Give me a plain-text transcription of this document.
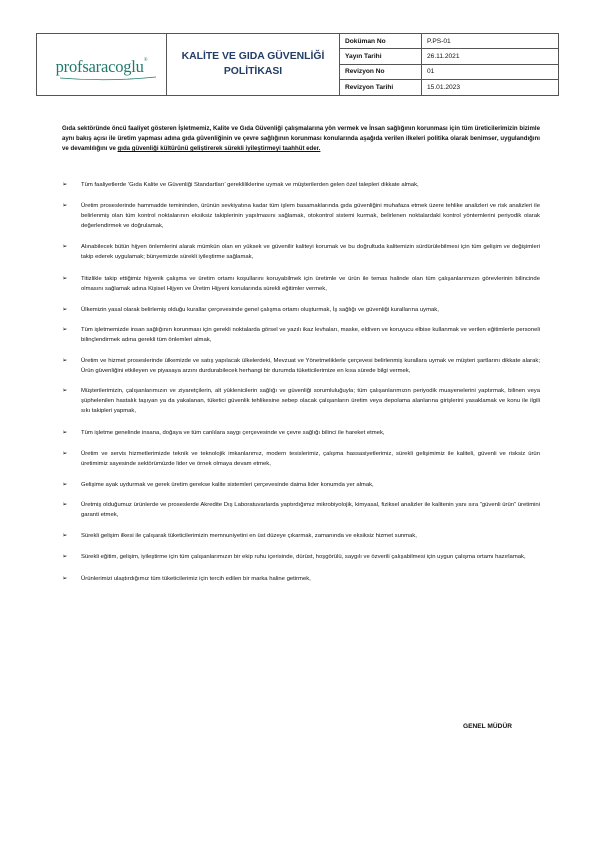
profsaracoglu®	KALİTE VE GIDA GÜVENLİĞİ
POLİTİKASI	Doküman No	P.PS-01
		Yayın Tarihi	26.11.2021
		Revizyon No	01
		Revizyon Tarihi	15.01.2023

Gıda sektöründe öncü faaliyet gösteren İşletmemiz, Kalite ve Gıda Güvenliği çalışmalarına yön vermek ve İnsan sağlığının korunması için tüm üreticilerimizin bizimle aynı bakış açısı ile üretim yapması adına gıda güvenliğinin ve çevre sağlığının korunması konularında aşağıda verilen ilkeleri politika olarak benimser, uygulandığını ve devamlılığını ve gıda güvenliği kültürünü geliştirerek sürekli iyileştirmeyi taahhüt eder.

➢ Tüm faaliyetlerde ‘Gıda Kalite ve Güvenliği Standartları’ gerekliliklerine uymak ve müşterilerden gelen özel talepleri dikkate almak,
➢ Üretim proseslerinde hammadde temininden, ürünün sevkiyatına kadar tüm işlem basamaklarında gıda güvenliğini muhafaza etmek üzere tehlike analizleri ve risk analizleri ile belirlenmiş olan tüm kontrol noktalarının eksiksiz takiplerinin yapılmasını sağlamak, otokontrol sistemi kurmak, belirlenen noktalardaki kontrol yöntemlerini periyodik olarak değerlendirmek ve doğrulamak,
➢ Alınabilecek bütün hijyen önlemlerini alarak mümkün olan en yüksek ve güvenilir kaliteyi korumak ve bu doğrultuda kalitemizin sürdürülebilmesi için tüm gelişim ve değişimleri takip ederek uygulamak; bünyemizde sürekli iyileştirme sağlamak,
➢ Titizlikle takip ettiğimiz hijyenik çalışma ve üretim ortamı koşullarını koruyabilmek için üretimle ve ürün ile temas halinde olan tüm çalışanlarımızın görevlerinin bilincinde olmasını sağlamak adına Kişisel Hijyen ve Üretim Hijyeni konularında sürekli eğitimler vermek,
➢ Ülkemizin yasal olarak belirlemiş olduğu kurallar çerçevesinde genel çalışma ortamı oluşturmak, İş sağlığı ve güvenliği kurallarına uymak,
➢ Tüm işletmemizde insan sağlığının korunması için gerekli noktalarda görsel ve yazılı ikaz levhaları, maske, eldiven ve koruyucu elbise kullanmak ve verilen eğitimlerle personeli bilinçlendirmek adına gerekli tüm önlemleri almak,
➢ Üretim ve hizmet proseslerinde ülkemizde ve satış yapılacak ülkelerdeki, Mevzuat ve Yönetmeliklerle çerçevesi belirlenmiş kurallara uymak ve müşteri şartlarını dikkate alarak; Ürün güvenliğini etkileyen ve piyasaya arzını durdurabilecek herhangi bir durumda tüketicilerimize en kısa sürede bilgi vermek,
➢ Müşterilerimizin, çalışanlarımızın ve ziyaretçilerin, alt yüklenicilerin sağlığı ve güvenliği sorumluluğuyla; tüm çalışanlarımızın periyodik muayenelerini yaptırmak, bilinen veya şüphelenilen hastalık taşıyan ya da yakalanan, tüketici güvenlik tehlikesine sebep olacak çalışanların üretim veya depolama alanlarına girişlerini yasaklamak ve konu ile ilgili sıkı takipleri yapmak,
➢ Tüm işletme genelinde insana, doğaya ve tüm canlılara saygı çerçevesinde ve çevre sağlığı bilinci ile hareket etmek,
➢ Üretim ve servis hizmetlerimizde teknik ve teknolojik imkanlarımız, modern tesislerimiz, çalışma hassasiyetlerimiz, sürekli gelişimimiz ile kaliteli, güvenli ve risksiz ürün üretimimiz sayesinde sektörümüzde lider ve örnek olmaya devam etmek,
➢ Gelişime ayak uydurmak ve gerek üretim gerekse kalite sistemleri çerçevesinde daima lider konumda yer almak,
➢ Üretmiş olduğumuz ürünlerde ve proseslerde Akredite Dış Laboratuvarlarda yaptırdığımız mikrobiyolojik, kimyasal, fiziksel analizler ile kalitenin yanı sıra “güvenli ürün” üretimini garanti etmek,
➢ Sürekli gelişim ilkesi ile çalışarak tüketicilerimizin memnuniyetini en üst düzeye çıkarmak, zamanında ve eksiksiz hizmet sunmak,
➢ Sürekli eğitim, gelişim, iyileştirme için tüm çalışanlarımızın bir ekip ruhu içerisinde, dürüst, hoşgörülü, saygılı ve özverili çalışabilmesi için uygun çalışma ortamı hazırlamak,
➢ Ürünlerimizi ulaştırdığımız tüm tüketicilerimiz için tercih edilen bir marka haline getirmek,
GENEL MÜDÜR
